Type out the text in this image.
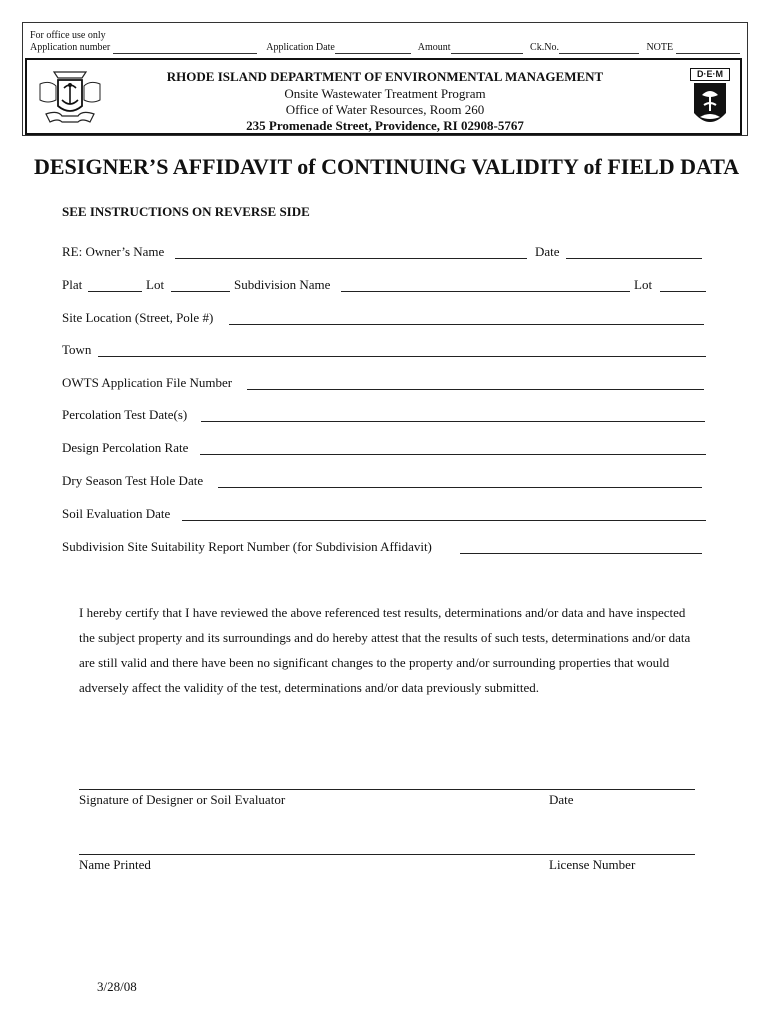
For office use only
Application number	Application Date	Amount	Ck.No.	NOTE
D·E·M
RHODE ISLAND DEPARTMENT OF ENVIRONMENTAL MANAGEMENT
Onsite Wastewater Treatment Program
Office of Water Resources, Room 260
235 Promenade Street, Providence, RI 02908-5767
DESIGNER’S AFFIDAVIT of CONTINUING VALIDITY of FIELD DATA
SEE INSTRUCTIONS ON REVERSE SIDE
RE: Owner’s Name	Date
Plat	Lot	Subdivision Name	Lot
Site Location (Street, Pole #)
Town
OWTS Application File Number
Percolation Test Date(s)
Design Percolation Rate
Dry Season Test Hole Date
Soil Evaluation Date
Subdivision Site Suitability Report Number (for Subdivision Affidavit)
I hereby certify that I have reviewed the above referenced test results, determinations and/or data and have inspected the subject property and its surroundings and do hereby attest that the results of such tests, determinations and/or data are still valid and there have been no significant changes to the property and/or surrounding properties that would adversely affect the validity of the test, determinations and/or data previously submitted.
Signature of Designer or Soil Evaluator	Date
Name Printed	License Number
3/28/08
